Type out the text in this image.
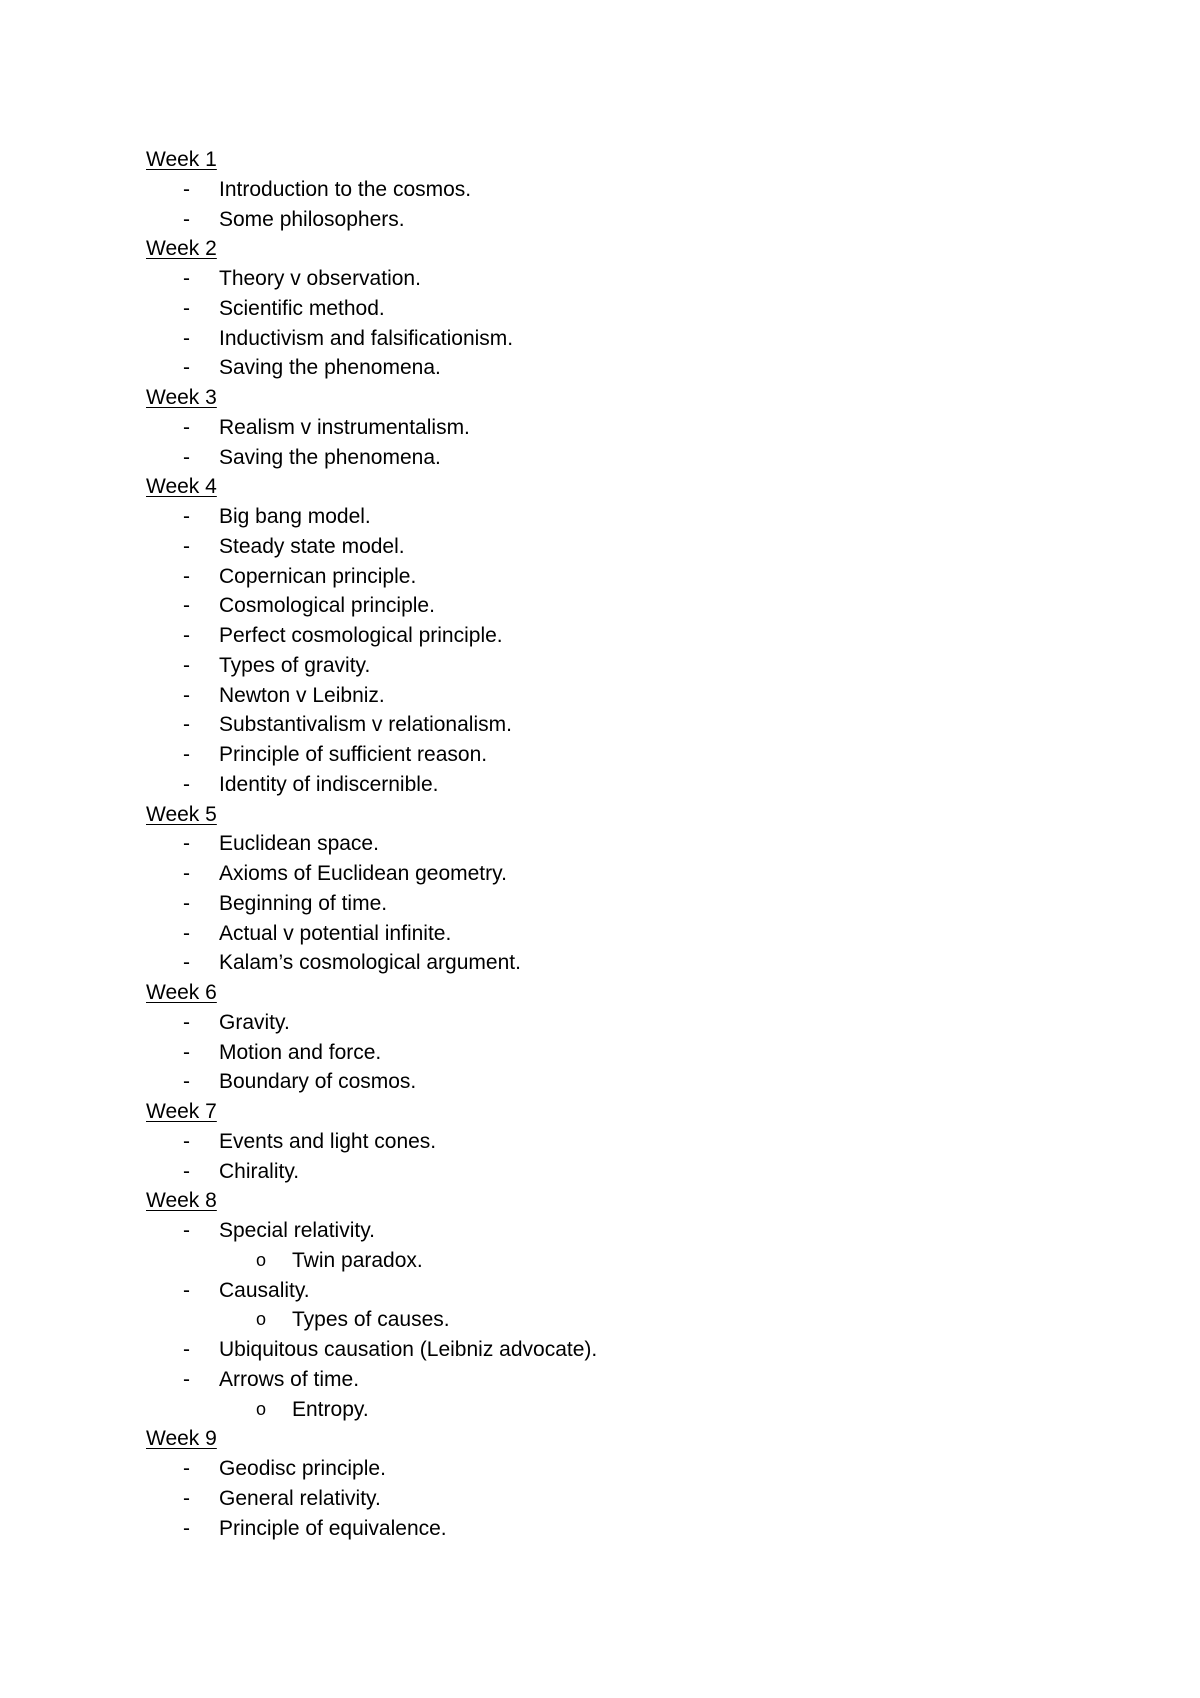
Week 1
- Introduction to the cosmos.
- Some philosophers.
Week 2
- Theory v observation.
- Scientific method.
- Inductivism and falsificationism.
- Saving the phenomena.
Week 3
- Realism v instrumentalism.
- Saving the phenomena.
Week 4
- Big bang model.
- Steady state model.
- Copernican principle.
- Cosmological principle.
- Perfect cosmological principle.
- Types of gravity.
- Newton v Leibniz.
- Substantivalism v relationalism.
- Principle of sufficient reason.
- Identity of indiscernible.
Week 5
- Euclidean space.
- Axioms of Euclidean geometry.
- Beginning of time.
- Actual v potential infinite.
- Kalam’s cosmological argument.
Week 6
- Gravity.
- Motion and force.
- Boundary of cosmos.
Week 7
- Events and light cones.
- Chirality.
Week 8
- Special relativity.
o Twin paradox.
- Causality.
o Types of causes.
- Ubiquitous causation (Leibniz advocate).
- Arrows of time.
o Entropy.
Week 9
- Geodisc principle.
- General relativity.
- Principle of equivalence.
